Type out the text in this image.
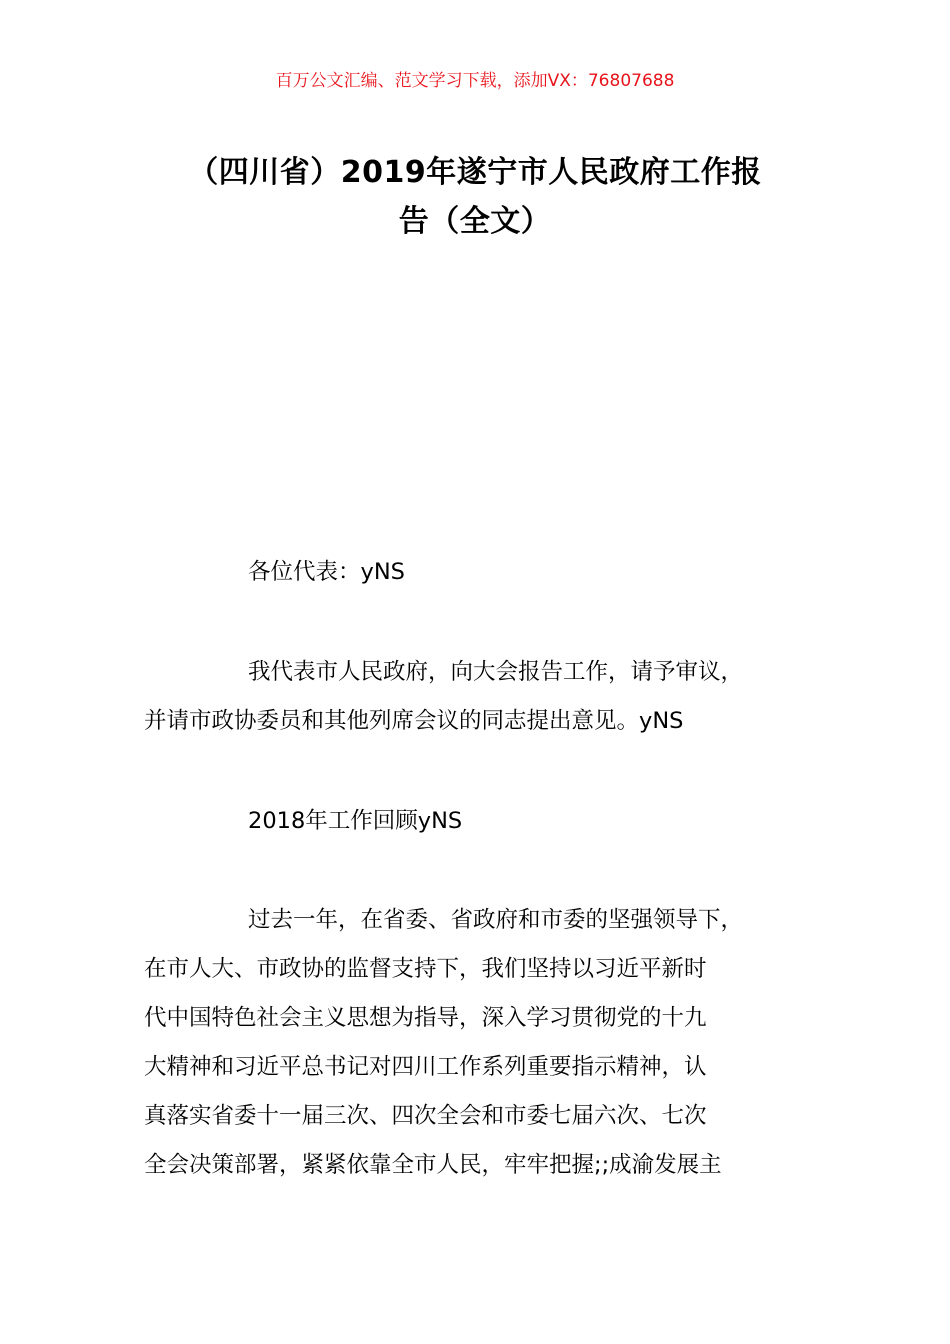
百万公文汇编、范文学习下载，添加VX：76807688
（四川省）2019年遂宁市人民政府工作报
告（全文）

各位代表：yNS

我代表市人民政府，向大会报告工作，请予审议，
并请市政协委员和其他列席会议的同志提出意见。yNS

2018年工作回顾yNS

过去一年，在省委、省政府和市委的坚强领导下，
在市人大、市政协的监督支持下，我们坚持以习近平新时
代中国特色社会主义思想为指导，深入学习贯彻党的十九
大精神和习近平总书记对四川工作系列重要指示精神，认
真落实省委十一届三次、四次全会和市委七届六次、七次
全会决策部署，紧紧依靠全市人民，牢牢把握;;成渝发展主
